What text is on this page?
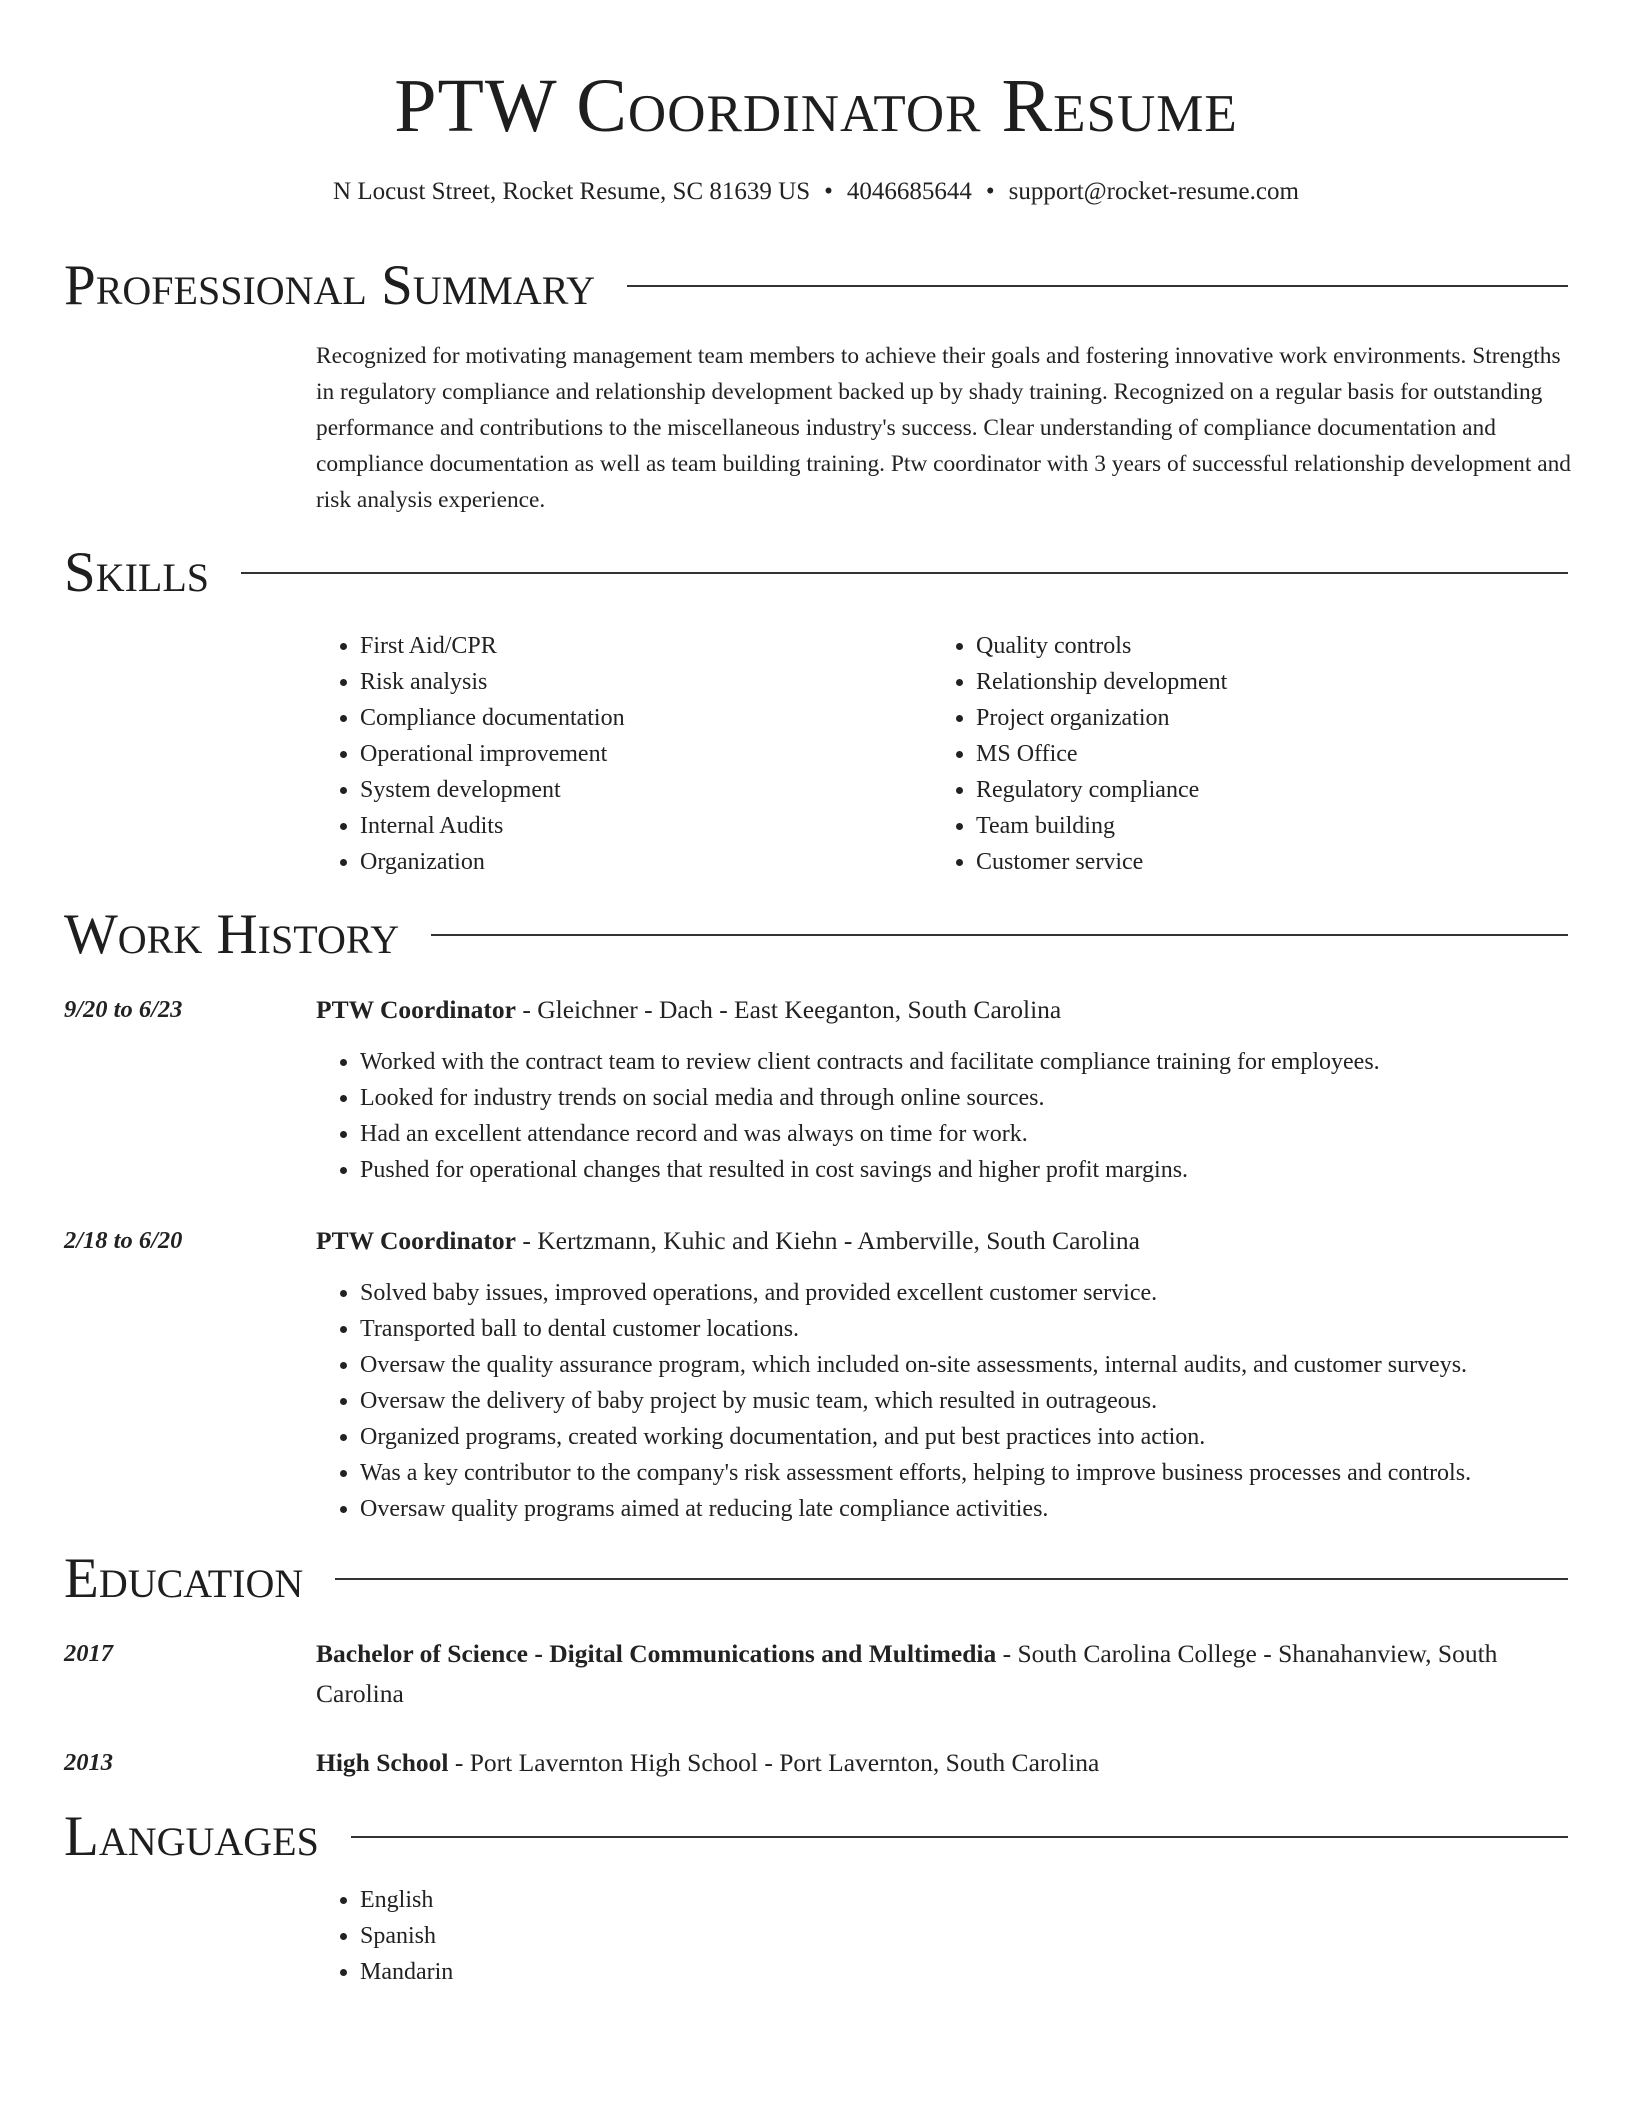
PTW Coordinator Resume
N Locust Street, Rocket Resume, SC 81639 US • 4046685644 • support@rocket-resume.com
Professional Summary

Recognized for motivating management team members to achieve their goals and fostering innovative work environments. Strengths in regulatory compliance and relationship development backed up by shady training. Recognized on a regular basis for outstanding performance and contributions to the miscellaneous industry's success. Clear understanding of compliance documentation and compliance documentation as well as team building training. Ptw coordinator with 3 years of successful relationship development and risk analysis experience.

Skills
• First Aid/CPR
• Risk analysis
• Compliance documentation
• Operational improvement
• System development
• Internal Audits
• Organization
• Quality controls
• Relationship development
• Project organization
• MS Office
• Regulatory compliance
• Team building
• Customer service
Work History
9/20 to 6/23	PTW Coordinator - Gleichner - Dach - East Keeganton, South Carolina
• Worked with the contract team to review client contracts and facilitate compliance training for employees.
• Looked for industry trends on social media and through online sources.
• Had an excellent attendance record and was always on time for work.
• Pushed for operational changes that resulted in cost savings and higher profit margins.
2/18 to 6/20	PTW Coordinator - Kertzmann, Kuhic and Kiehn - Amberville, South Carolina
• Solved baby issues, improved operations, and provided excellent customer service.
• Transported ball to dental customer locations.
• Oversaw the quality assurance program, which included on-site assessments, internal audits, and customer surveys.
• Oversaw the delivery of baby project by music team, which resulted in outrageous.
• Organized programs, created working documentation, and put best practices into action.
• Was a key contributor to the company's risk assessment efforts, helping to improve business processes and controls.
• Oversaw quality programs aimed at reducing late compliance activities.
Education
2017	Bachelor of Science - Digital Communications and Multimedia - South Carolina College - Shanahanview, South Carolina
2013	High School - Port Lavernton High School - Port Lavernton, South Carolina
Languages
• English
• Spanish
• Mandarin
